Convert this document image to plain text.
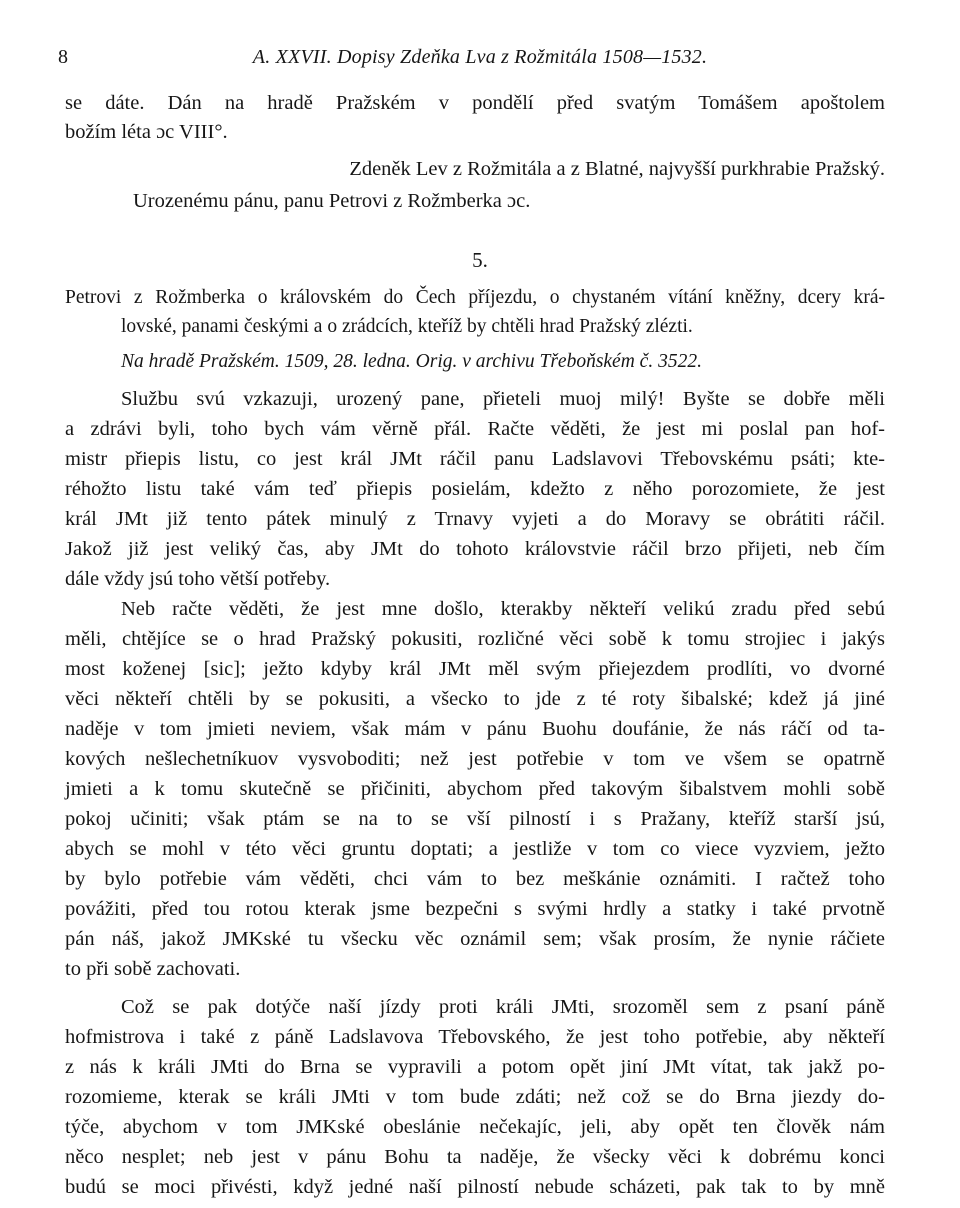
8	A. XXVII. Dopisy Zdeňka Lva z Rožmitála 1508—1532.
se dáte. Dán na hradě Pražském v pondělí před svatým Tomášem apoštolem
božím léta ɔc VIII°.
Zdeněk Lev z Rožmitála a z Blatné, najvyšší purkhrabie Pražský.
Urozenému pánu, panu Petrovi z Rožmberka ɔc.
5.
Petrovi z Rožmberka o královském do Čech příjezdu, o chystaném vítání kněžny, dcery krá-
lovské, panami českými a o zrádcích, kteříž by chtěli hrad Pražský zlézti.
Na hradě Pražském. 1509, 28. ledna. Orig. v archivu Třeboňském č. 3522.
Službu svú vzkazuji, urozený pane, přieteli muoj milý! Byšte se dobře měli
a zdrávi byli, toho bych vám věrně přál. Račte věděti, že jest mi poslal pan hof-
mistr přiepis listu, co jest král JMt ráčil panu Ladslavovi Třebovskému psáti; kte-
réhožto listu také vám teď přiepis posielám, kdežto z něho porozomiete, že jest
král JMt již tento pátek minulý z Trnavy vyjeti a do Moravy se obrátiti ráčil.
Jakož již jest veliký čas, aby JMt do tohoto královstvie ráčil brzo přijeti, neb čím
dále vždy jsú toho větší potřeby.
Neb račte věděti, že jest mne došlo, kterakby někteří velikú zradu před sebú
měli, chtějíce se o hrad Pražský pokusiti, rozličné věci sobě k tomu strojiec i jakýs
most koženej [sic]; ježto kdyby král JMt měl svým přiejezdem prodlíti, vo dvorné
věci někteří chtěli by se pokusiti, a všecko to jde z té roty šibalské; kdež já jiné
naděje v tom jmieti neviem, však mám v pánu Buohu doufánie, že nás ráčí od ta-
kových nešlechetníkuov vysvoboditi; než jest potřebie v tom ve všem se opatrně
jmieti a k tomu skutečně se přičiniti, abychom před takovým šibalstvem mohli sobě
pokoj učiniti; však ptám se na to se vší pilností i s Pražany, kteříž starší jsú,
abych se mohl v této věci gruntu doptati; a jestliže v tom co viece vyzviem, ježto
by bylo potřebie vám věděti, chci vám to bez meškánie oznámiti. I račtež toho
povážiti, před tou rotou kterak jsme bezpečni s svými hrdly a statky i také prvotně
pán náš, jakož JMKské tu všecku věc oznámil sem; však prosím, že nynie ráčiete
to při sobě zachovati.
Což se pak dotýče naší jízdy proti králi JMti, srozoměl sem z psaní páně
hofmistrova i také z páně Ladslavova Třebovského, že jest toho potřebie, aby někteří
z nás k králi JMti do Brna se vypravili a potom opět jiní JMt vítat, tak jakž po-
rozomieme, kterak se králi JMti v tom bude zdáti; než což se do Brna jiezdy do-
týče, abychom v tom JMKské obeslánie nečekajíc, jeli, aby opět ten člověk nám
něco nesplet; neb jest v pánu Bohu ta naděje, že všecky věci k dobrému konci
budú se moci přivésti, když jedné naší pilností nebude scházeti, pak tak to by mně
